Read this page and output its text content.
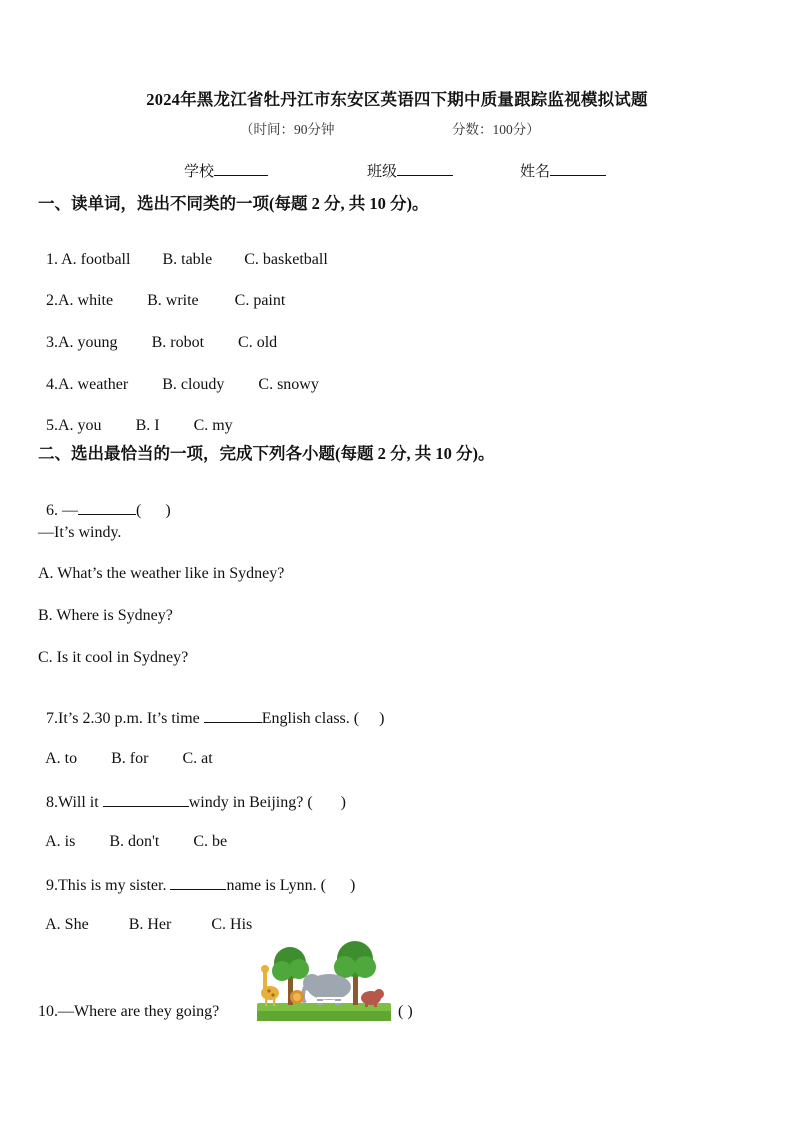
2024年黑龙江省牡丹江市东安区英语四下期中质量跟踪监视模拟试题
（时间：90分钟	分数：100分）
学校	班级	姓名
一、读单词，选出不同类的一项(每题 2 分, 共 10 分)。

1. A. football B. table C. basketball

2.A. white B. write C. paint

3.A. young B. robot C. old

4.A. weather B. cloudy C. snowy

5.A. you B. I C. my

二、选出最恰当的一项，完成下列各小题(每题 2 分, 共 10 分)。

6. —	(      )

—It’s windy.
A. What’s the weather like in Sydney?
B. Where is Sydney?
C. Is it cool in Sydney?

7.It’s 2.30 p.m. It’s time	English class. (     )

A. to B. for C. at

8.Will it	windy in Beijing? (       )

A. is B. don't C. be

9.This is my sister.	name is Lynn. (      )

A. She	B. Her	C. His

10.—Where are they going?	( )
